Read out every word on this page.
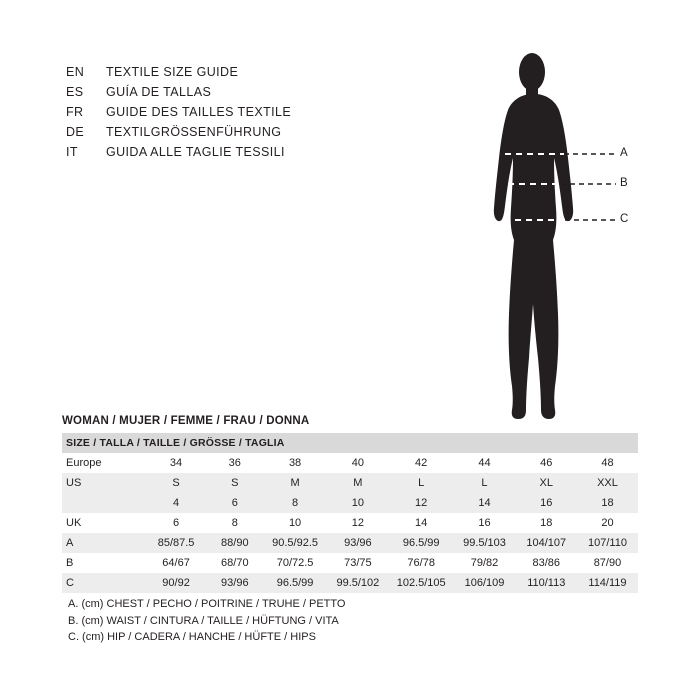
EN	TEXTILE SIZE GUIDE
ES	GUÍA DE TALLAS
FR	GUIDE DES TAILLES TEXTILE
DE	TEXTILGRÖSSENFÜHRUNG
IT	GUIDA ALLE TAGLIE TESSILI	A
B
C
WOMAN / MUJER / FEMME / FRAU / DONNA
SIZE / TALLA / TAILLE / GRÖSSE / TAGLIA								
Europe	34	36	38	40	42	44	46	48
US	S	S	M	M	L	L	XL	XXL
	4	6	8	10	12	14	16	18
UK	6	8	10	12	14	16	18	20
A	85/87.5	88/90	90.5/92.5	93/96	96.5/99	99.5/103	104/107	107/110
B	64/67	68/70	70/72.5	73/75	76/78	79/82	83/86	87/90
C	90/92	93/96	96.5/99	99.5/102	102.5/105	106/109	110/113	114/119
A. (cm) CHEST / PECHO / POITRINE / TRUHE / PETTO
B. (cm) WAIST / CINTURA / TAILLE / HÜFTUNG / VITA
C. (cm) HIP / CADERA / HANCHE / HÜFTE / HIPS
